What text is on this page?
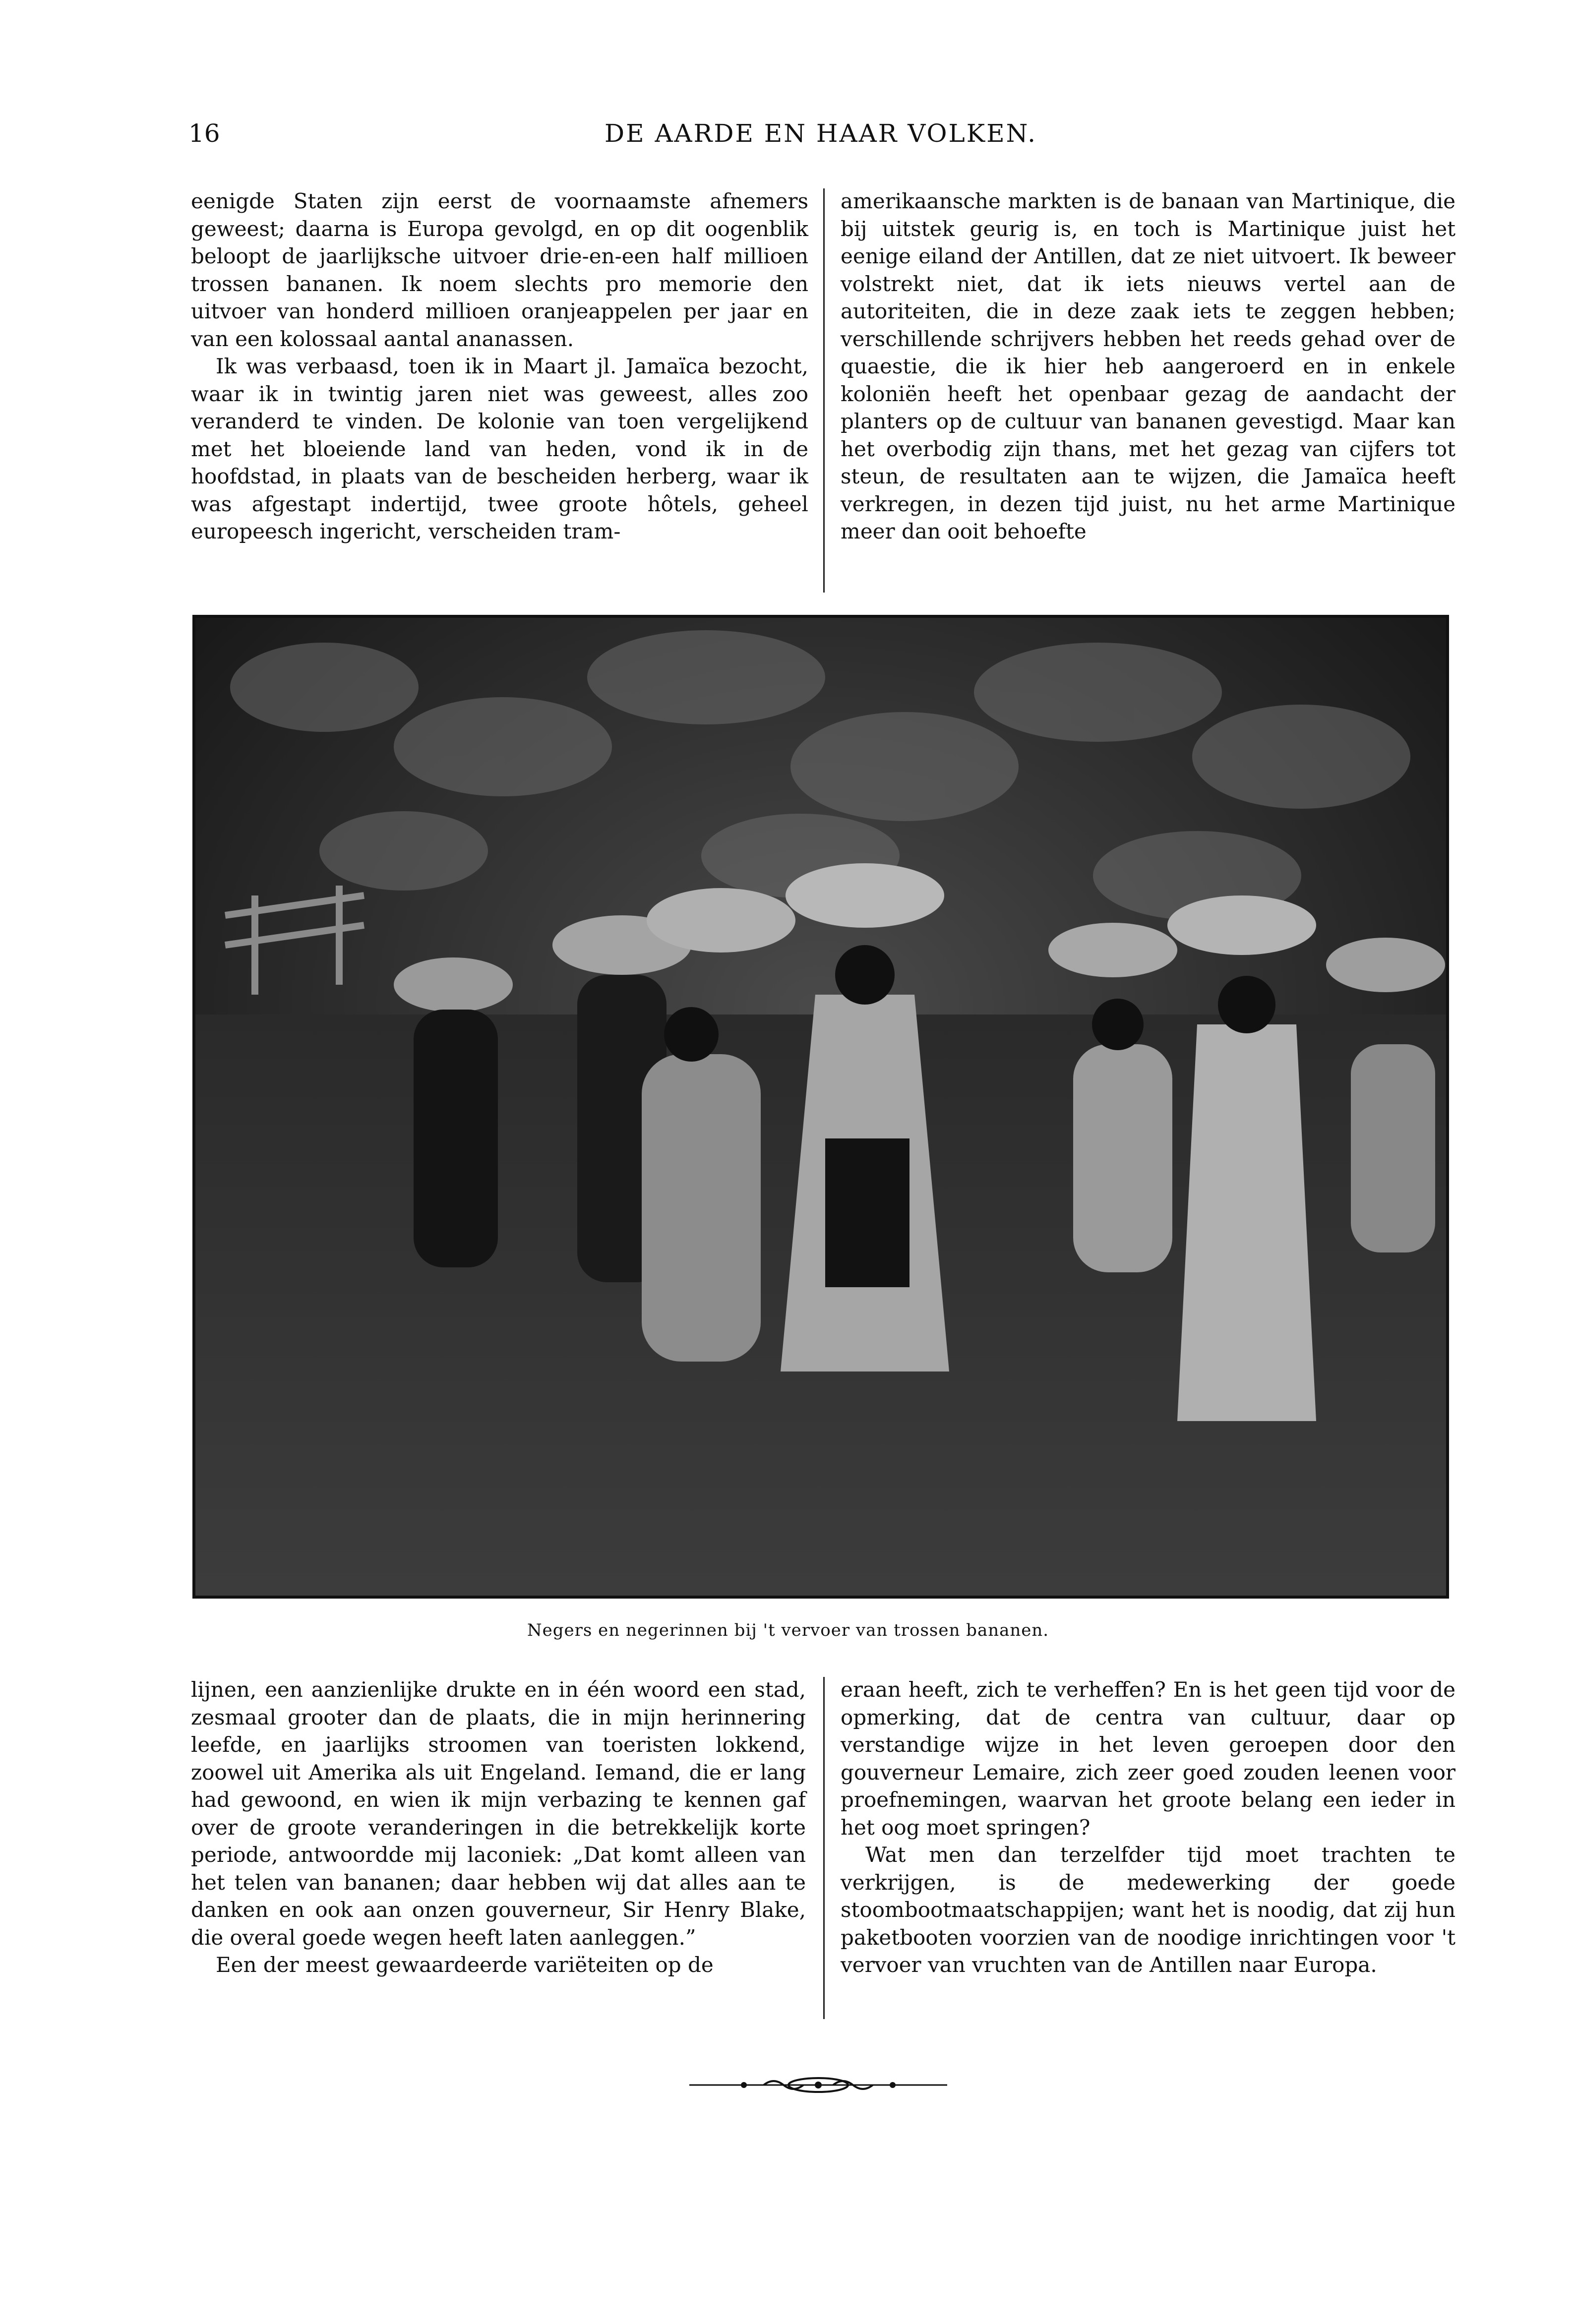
16	DE AARDE EN HAAR VOLKEN.

eenigde Staten zijn eerst de voornaamste afnemers geweest; daarna is Europa gevolgd, en op dit oogenblik beloopt de jaarlijksche uitvoer drie-en-een half millioen trossen bananen. Ik noem slechts pro memorie den uitvoer van honderd millioen oranjeappelen per jaar en van een kolossaal aantal ananassen.

Ik was verbaasd, toen ik in Maart jl. Jamaïca bezocht, waar ik in twintig jaren niet was geweest, alles zoo veranderd te vinden. De kolonie van toen vergelijkend met het bloeiende land van heden, vond ik in de hoofdstad, in plaats van de bescheiden herberg, waar ik was afgestapt indertijd, twee groote hôtels, geheel europeesch ingericht, verscheiden tram-

amerikaansche markten is de banaan van Martinique, die bij uitstek geurig is, en toch is Martinique juist het eenige eiland der Antillen, dat ze niet uitvoert. Ik beweer volstrekt niet, dat ik iets nieuws vertel aan de autoriteiten, die in deze zaak iets te zeggen hebben; verschillende schrijvers hebben het reeds gehad over de quaestie, die ik hier heb aangeroerd en in enkele koloniën heeft het openbaar gezag de aandacht der planters op de cultuur van bananen gevestigd. Maar kan het overbodig zijn thans, met het gezag van cijfers tot steun, de resultaten aan te wijzen, die Jamaïca heeft verkregen, in dezen tijd juist, nu het arme Martinique meer dan ooit behoefte

Negers en negerinnen bij 't vervoer van trossen bananen.

lijnen, een aanzienlijke drukte en in één woord een stad, zesmaal grooter dan de plaats, die in mijn herinnering leefde, en jaarlijks stroomen van toeristen lokkend, zoowel uit Amerika als uit Engeland. Iemand, die er lang had gewoond, en wien ik mijn verbazing te kennen gaf over de groote veranderingen in die betrekkelijk korte periode, antwoordde mij laconiek: „Dat komt alleen van het telen van bananen; daar hebben wij dat alles aan te danken en ook aan onzen gouverneur, Sir Henry Blake, die overal goede wegen heeft laten aanleggen.”

Een der meest gewaardeerde variëteiten op de

eraan heeft, zich te verheffen? En is het geen tijd voor de opmerking, dat de centra van cultuur, daar op verstandige wijze in het leven geroepen door den gouverneur Lemaire, zich zeer goed zouden leenen voor proefnemingen, waarvan het groote belang een ieder in het oog moet springen?

Wat men dan terzelfder tijd moet trachten te verkrijgen, is de medewerking der goede stoombootmaatschappijen; want het is noodig, dat zij hun paketbooten voorzien van de noodige inrichtingen voor 't vervoer van vruchten van de Antillen naar Europa.
